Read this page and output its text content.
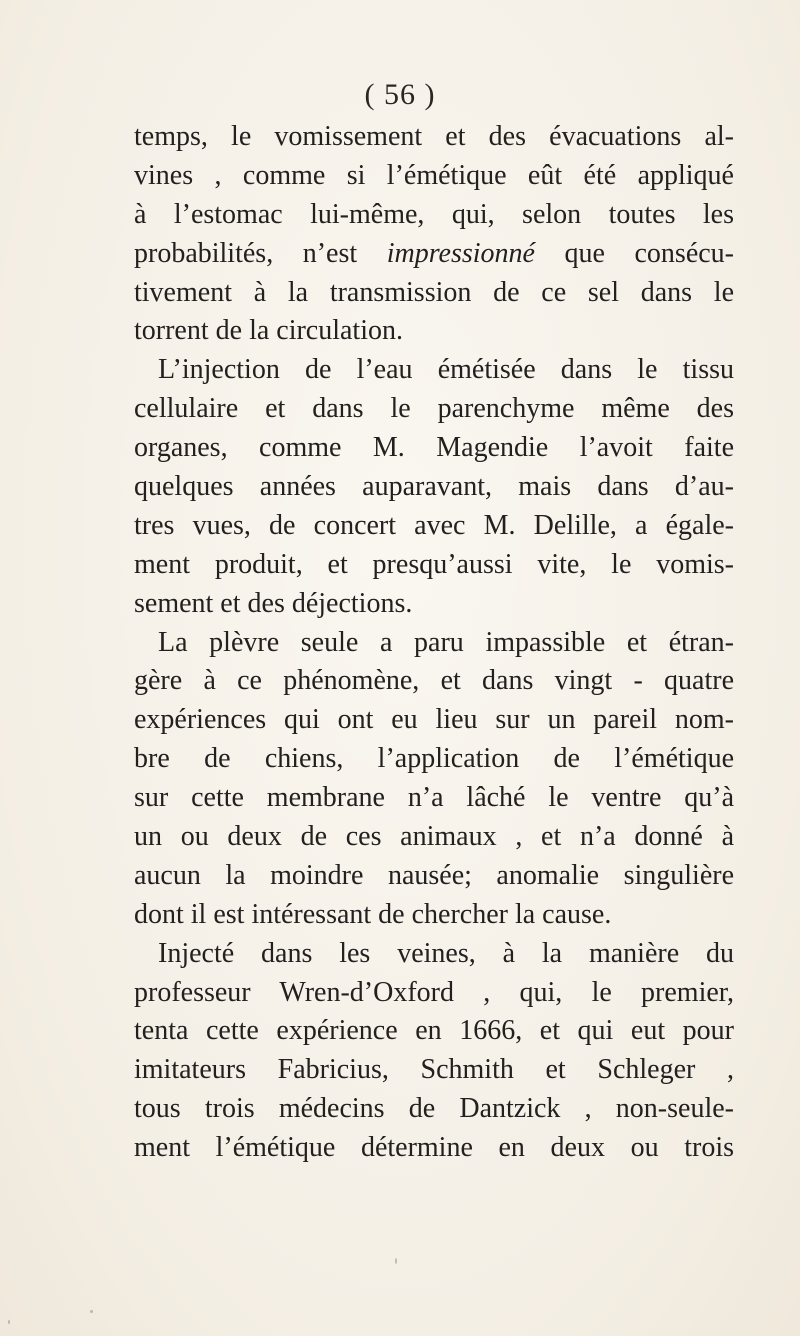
( 56 )
temps, le vomissement et des évacuations al-
vines , comme si l’émétique eût été appliqué
à l’estomac lui-même, qui, selon toutes les
probabilités, n’est impressionné que consécu-
tivement à la transmission de ce sel dans le
torrent de la circulation.
L’injection de l’eau émétisée dans le tissu
cellulaire et dans le parenchyme même des
organes, comme M. Magendie l’avoit faite
quelques années auparavant, mais dans d’au-
tres vues, de concert avec M. Delille, a égale-
ment produit, et presqu’aussi vite, le vomis-
sement et des déjections.
La plèvre seule a paru impassible et étran-
gère à ce phénomène, et dans vingt - quatre
expériences qui ont eu lieu sur un pareil nom-
bre de chiens, l’application de l’émétique
sur cette membrane n’a lâché le ventre qu’à
un ou deux de ces animaux , et n’a donné à
aucun la moindre nausée; anomalie singulière
dont il est intéressant de chercher la cause.
Injecté dans les veines, à la manière du
professeur Wren-d’Oxford , qui, le premier,
tenta cette expérience en 1666, et qui eut pour
imitateurs Fabricius, Schmith et Schleger ,
tous trois médecins de Dantzick , non-seule-
ment l’émétique détermine en deux ou trois
